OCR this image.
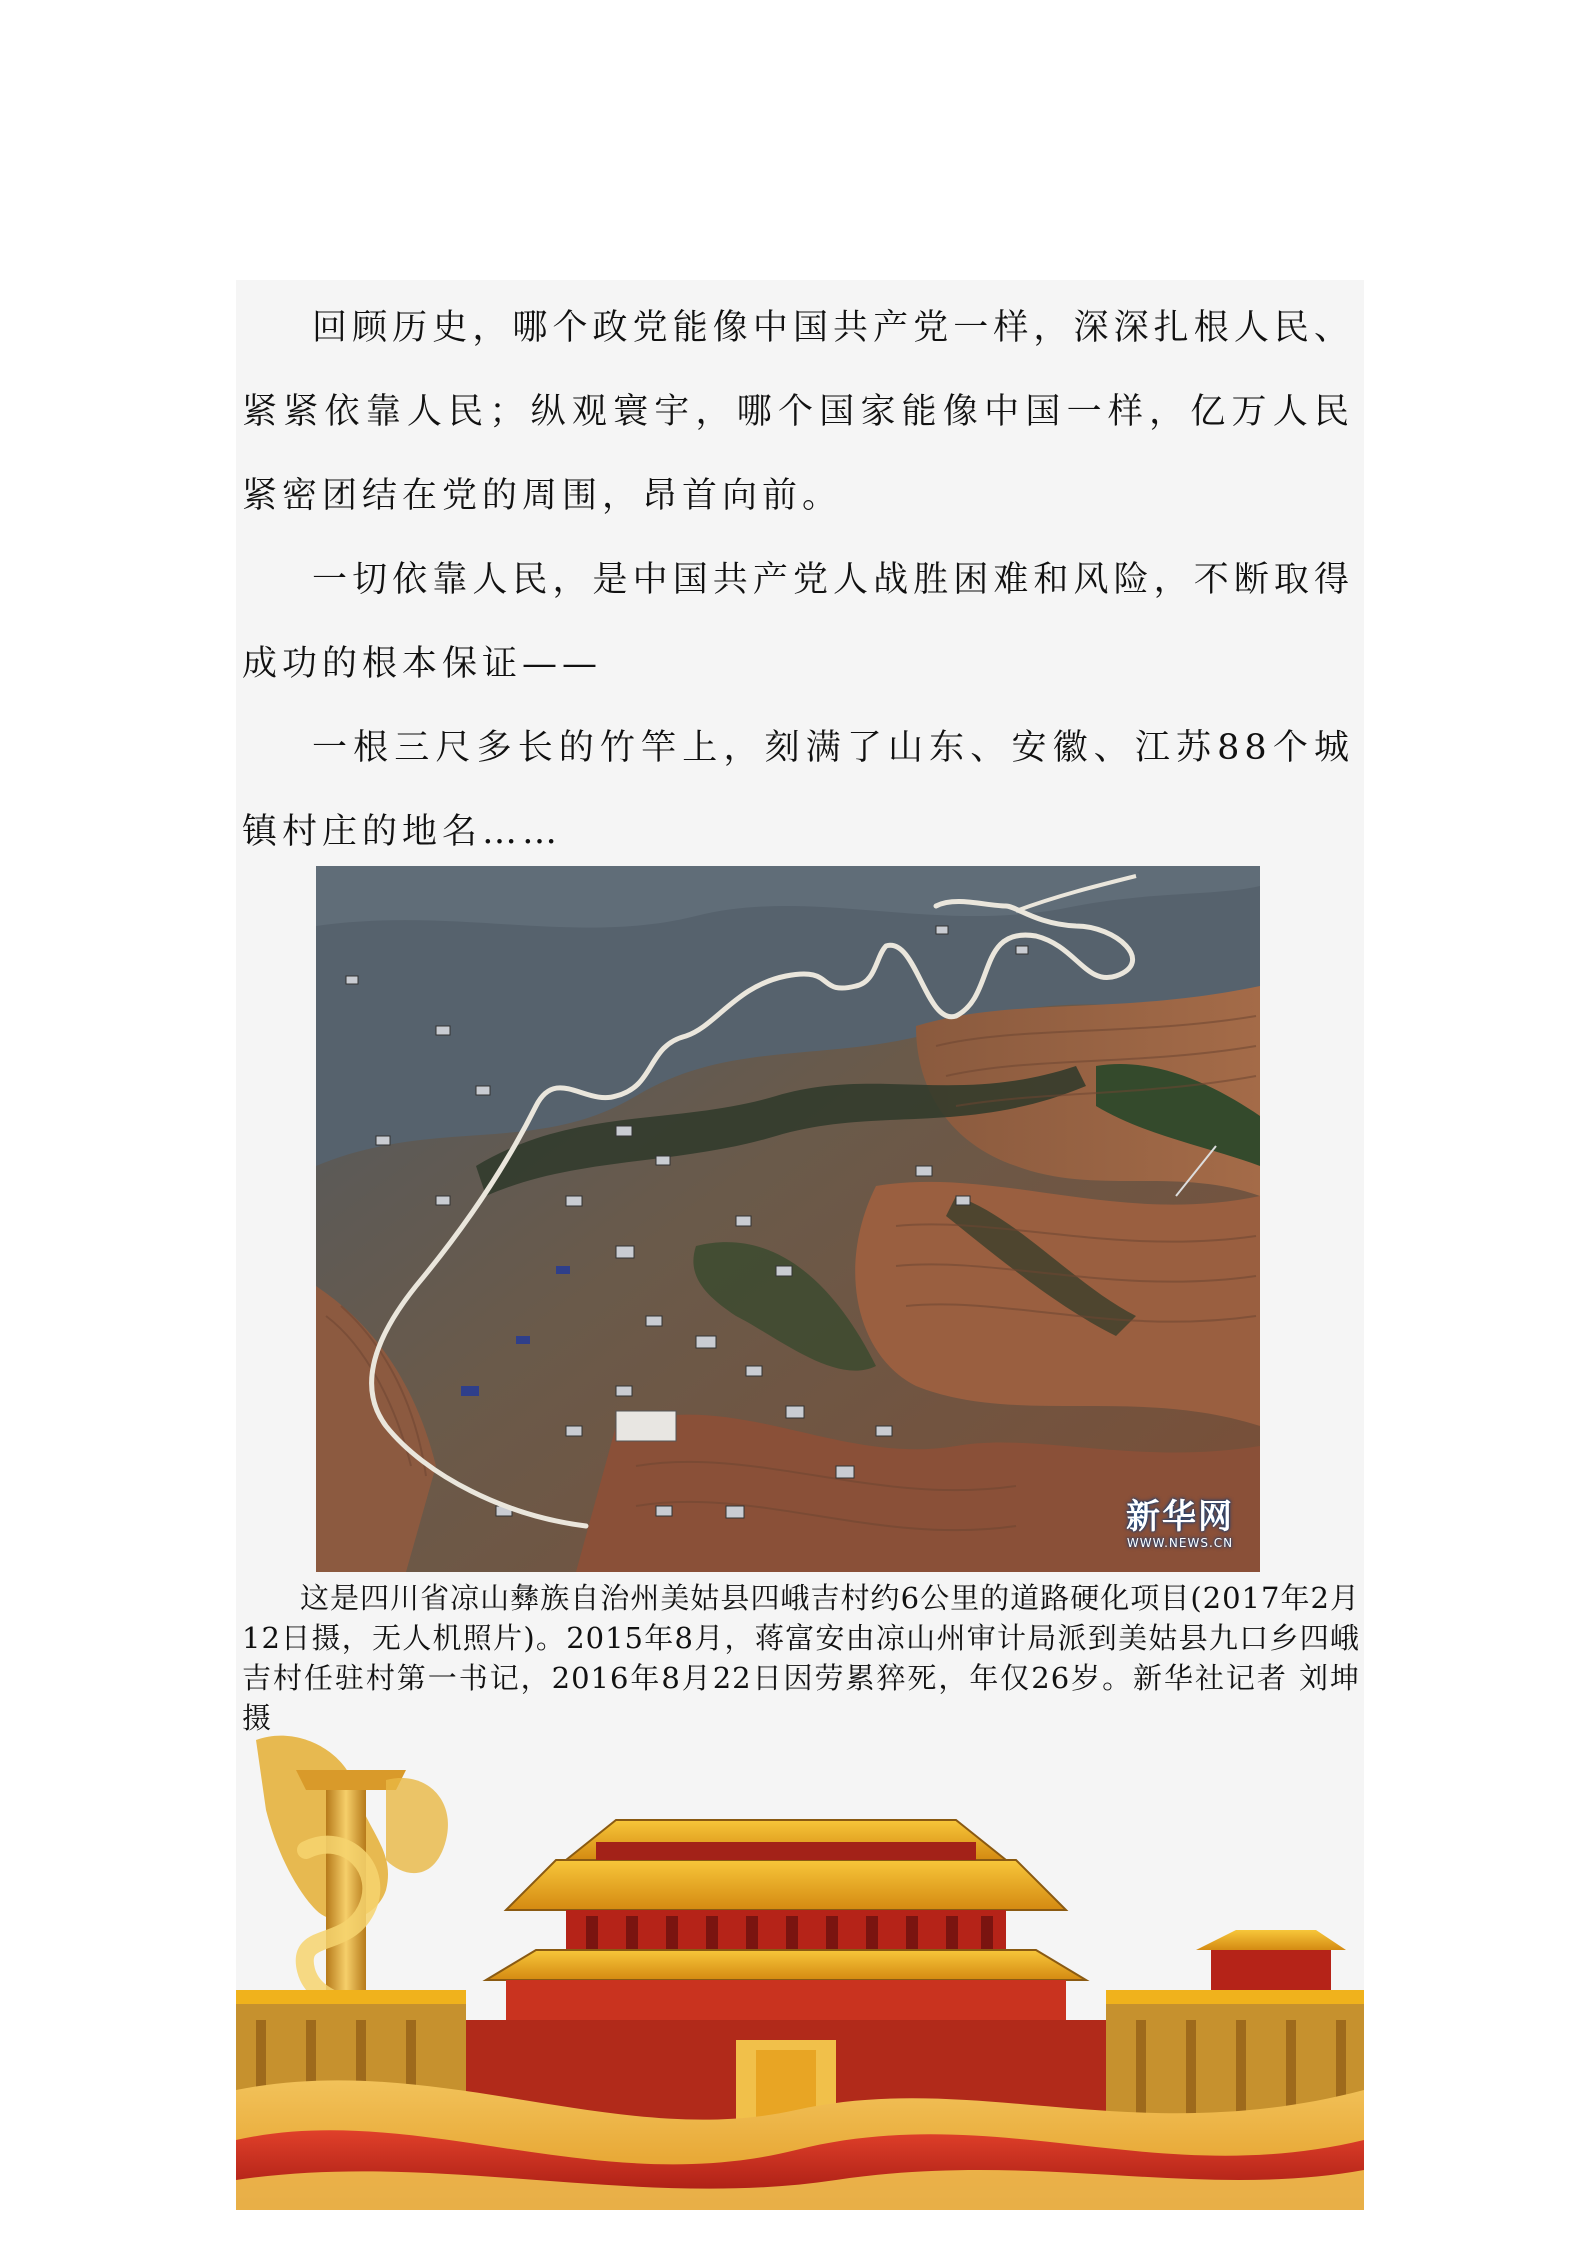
回顾历史，哪个政党能像中国共产党一样，深深扎根人民、紧紧依靠人民；纵观寰宇，哪个国家能像中国一样，亿万人民紧密团结在党的周围，昂首向前。

一切依靠人民，是中国共产党人战胜困难和风险，不断取得成功的根本保证——

一根三尺多长的竹竿上，刻满了山东、安徽、江苏88个城镇村庄的地名……

新华网
WWW.NEWS.CN

这是四川省凉山彝族自治州美姑县四峨吉村约6公里的道路硬化项目(2017年2月12日摄，无人机照片)。2015年8月，蒋富安由凉山州审计局派到美姑县九口乡四峨吉村任驻村第一书记，2016年8月22日因劳累猝死，年仅26岁。新华社记者 刘坤 摄
